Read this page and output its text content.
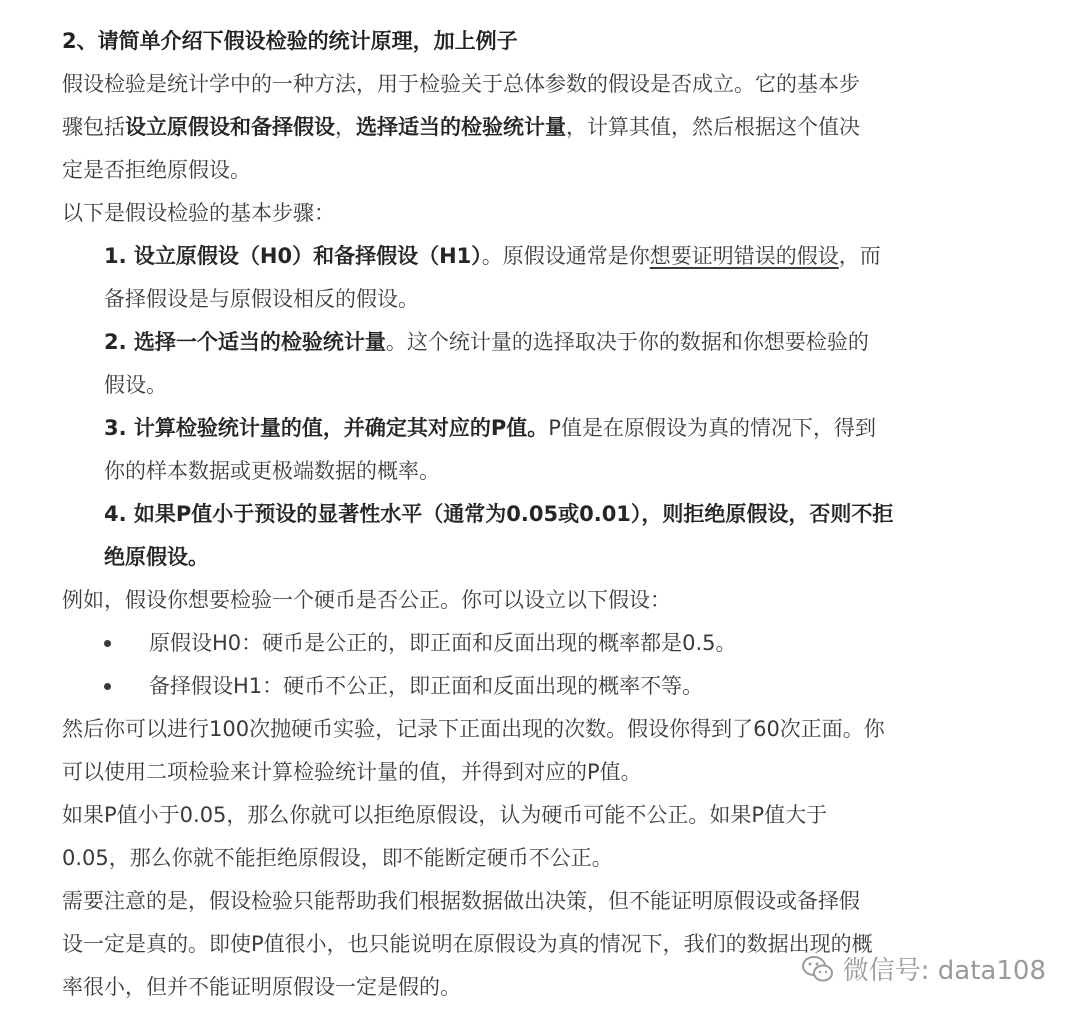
2、请简单介绍下假设检验的统计原理，加上例子
假设检验是统计学中的一种方法，用于检验关于总体参数的假设是否成立。它的基本步
骤包括设立原假设和备择假设，选择适当的检验统计量，计算其值，然后根据这个值决
定是否拒绝原假设。
以下是假设检验的基本步骤：
1. 设立原假设（H0）和备择假设（H1）。原假设通常是你想要证明错误的假设，而
备择假设是与原假设相反的假设。
2. 选择一个适当的检验统计量。这个统计量的选择取决于你的数据和你想要检验的
假设。
3. 计算检验统计量的值，并确定其对应的P值。P值是在原假设为真的情况下，得到
你的样本数据或更极端数据的概率。
4. 如果P值小于预设的显著性水平（通常为0.05或0.01），则拒绝原假设，否则不拒
绝原假设。
例如，假设你想要检验一个硬币是否公正。你可以设立以下假设：
原假设H0：硬币是公正的，即正面和反面出现的概率都是0.5。
备择假设H1：硬币不公正，即正面和反面出现的概率不等。
然后你可以进行100次抛硬币实验，记录下正面出现的次数。假设你得到了60次正面。你
可以使用二项检验来计算检验统计量的值，并得到对应的P值。
如果P值小于0.05，那么你就可以拒绝原假设，认为硬币可能不公正。如果P值大于
0.05，那么你就不能拒绝原假设，即不能断定硬币不公正。
需要注意的是，假设检验只能帮助我们根据数据做出决策，但不能证明原假设或备择假
设一定是真的。即使P值很小，也只能说明在原假设为真的情况下，我们的数据出现的概
率很小，但并不能证明原假设一定是假的。
微信号: data108
